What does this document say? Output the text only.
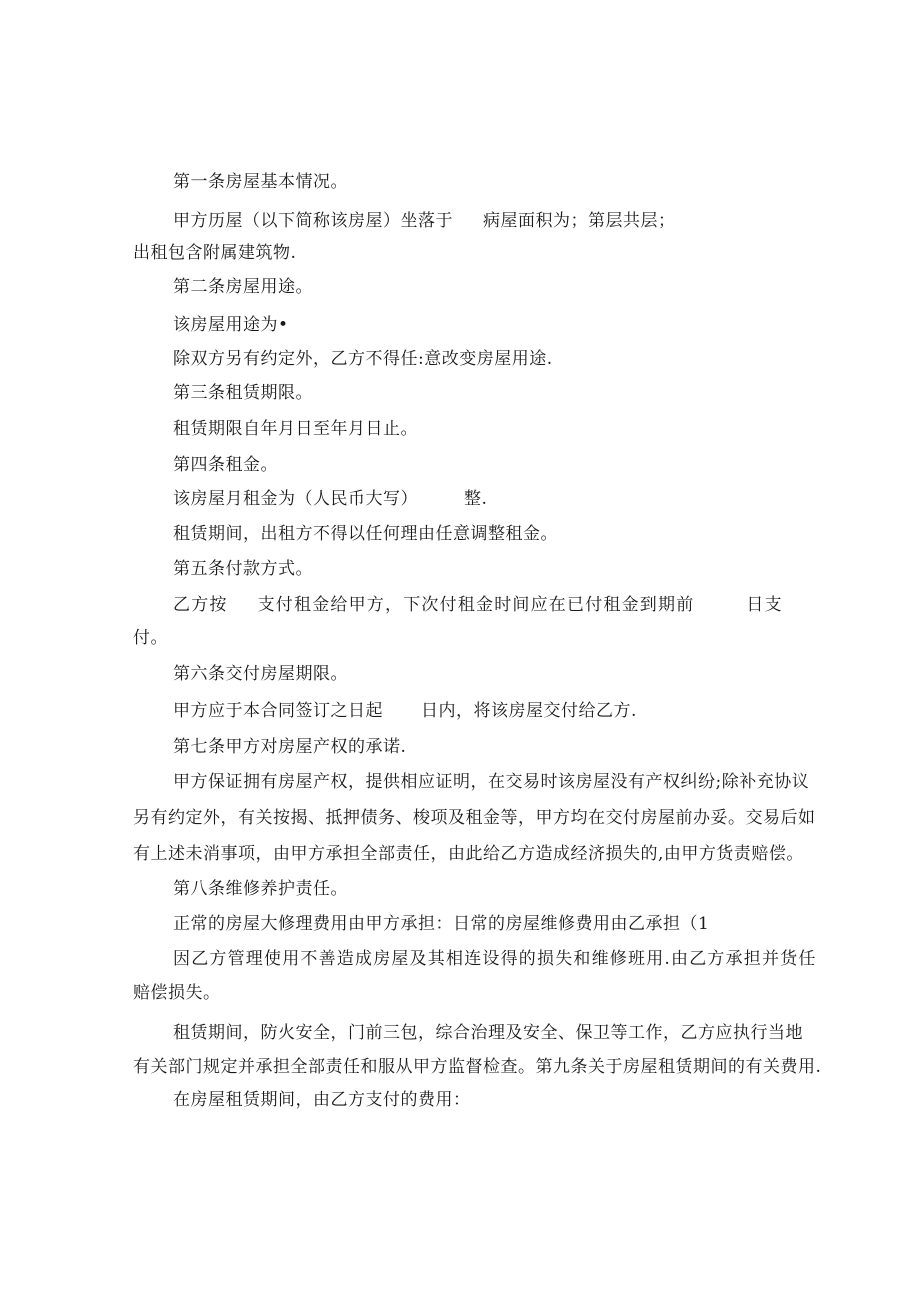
第一条房屋基本情况。
甲方历屋（以下简称该房屋）坐落于 病屋面积为；第层共层；
出租包含附属建筑物.
第二条房屋用途。
该房屋用途为•
除双方另有约定外，乙方不得任:意改变房屋用途.
第三条租赁期限。
租赁期限自年月日至年月日止。
第四条租金。
该房屋月租金为（人民币大写）	整.
租赁期间，出租方不得以任何理由任意调整租金。
第五条付款方式。
乙方按 支付租金给甲方，下次付租金时间应在已付租金到期前	日支
付。
第六条交付房屋期限。
甲方应于本合同签订之日起 日内，将该房屋交付给乙方.
第七条甲方对房屋产权的承诺.
甲方保证拥有房屋产权，提供相应证明，在交易时该房屋没有产权纠纷;除补充协议
另有约定外，有关按揭、抵押债务、梭项及租金等，甲方均在交付房屋前办妥。交易后如
有上述未消事项，由甲方承担全部责任，由此给乙方造成经济损失的,由甲方货责赔偿。
第八条维修养护责任。
正常的房屋大修理费用由甲方承担：日常的房屋维修费用由乙承担（1
因乙方管理使用不善造成房屋及其相连设得的损失和维修班用.由乙方承担并货任
赔偿损失。
租赁期间，防火安全，门前三包，综合治理及安全、保卫等工作，乙方应执行当地
有关部门规定并承担全部责任和服从甲方监督检查。第九条关于房屋租赁期间的有关费用.
在房屋租赁期间，由乙方支付的费用：
